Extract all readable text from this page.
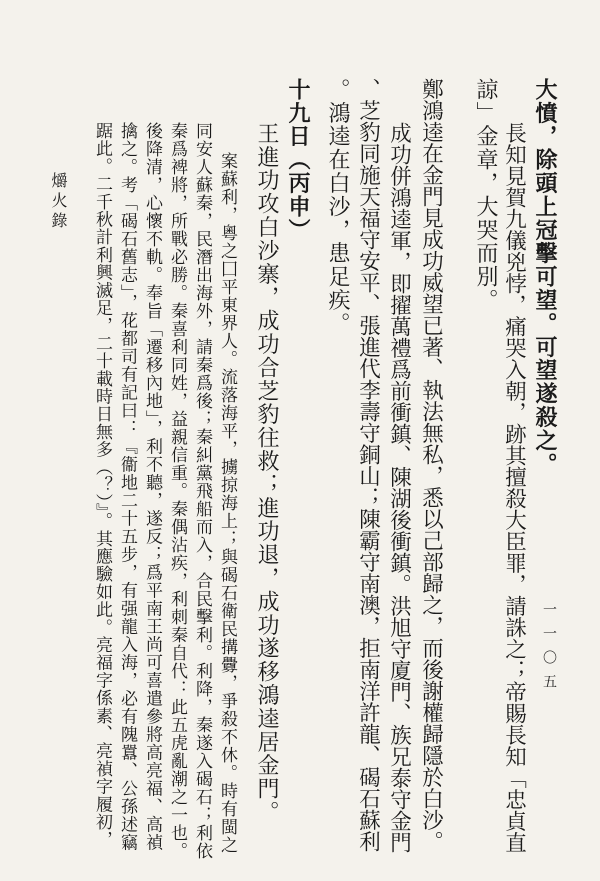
爝火錄	大憤，除頭上冠擊可望。可望遂殺之。
長知見賀九儀兇悖，痛哭入朝，跡其擅殺大臣罪，請誅之；帝賜長知「忠貞直
諒」金章，大哭而別。
鄭鴻逵在金門見成功威望已著、執法無私，悉以己部歸之，而後謝權歸隱於白沙。
成功併鴻逵軍，即擢萬禮爲前衝鎮、陳湖後衝鎮。洪旭守廈門、族兄泰守金門
、芝豹同施天福守安平、張進代李壽守銅山；陳霸守南澳，拒南洋許龍、碣石蘇利
。鴻逵在白沙，患足疾。
十九日（丙申）
王進功攻白沙寨，成功合芝豹往救；進功退，成功遂移鴻逵居金門。
案蘇利，粵之⼞平東界人。流落海平，擄掠海上；與碣石衛民搆釁，爭殺不休。時有閩之
同安人蘇秦，民潛出海外，請秦爲後；秦糾黨飛船而入，合民擊利。利降，秦遂入碣石；利依
秦爲裨將，所戰必勝。秦喜利同姓，益親信重。秦偶沾疾，利刺秦自代：此五虎亂潮之一也。
後降清，心懷不軌。奉旨「遷移內地」，利不聽，遂反；爲平南王尚可喜遣參將高亮福、高禎
擒之。考「碣石舊志」，花都司有記曰：『衞地二十五步，有强龍入海，必有隗囂、公孫述竊
踞此。二千秋計利興滅足，二十載時日無多（？）』。其應驗如此。亮福字係素、亮禎字履初，	一一〇五
